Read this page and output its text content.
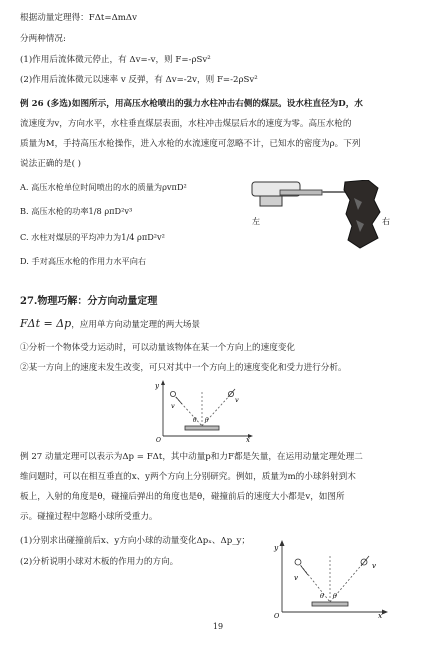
根据动量定理得：FΔt=ΔmΔv
分两种情况:
(1)作用后流体微元停止，有 Δv=-v，则 F=-ρSv²
(2)作用后流体微元以速率 v 反弹，有 Δv=-2v，则 F=-2ρSv²
例 26 (多选)如图所示，用高压水枪喷出的强力水柱冲击右侧的煤层。设水柱直径为D，水
流速度为v，方向水平，水柱垂直煤层表面，水柱冲击煤层后水的速度为零。高压水枪的
质量为M，手持高压水枪操作，进入水枪的水流速度可忽略不计，已知水的密度为ρ。下列
说法正确的是( )
A. 高压水枪单位时间喷出的水的质量为ρvπD²
B. 高压水枪的功率1/8 ρπD²v³
C. 水柱对煤层的平均冲力为1/4 ρπD²v²
D. 手对高压水枪的作用力水平向右
左	右
27.物理巧解：分方向动量定理
FΔt = Δp，应用单方向动量定理的两大场景
①分析一个物体受力运动时，可以动量该物体在某一个方向上的速度变化
②某一方向上的速度未发生改变，可只对其中一个方向上的速度变化和受力进行分析。
y
x
O
v
v
θ θ
例 27 动量定理可以表示为Δp = FΔt，其中动量p和力F都是矢量，在运用动量定理处理二
维问题时，可以在相互垂直的x、y两个方向上分别研究。例如，质量为m的小球斜射到木
板上，入射的角度是θ，碰撞后弹出的角度也是θ，碰撞前后的速度大小都是v，如图所
示。碰撞过程中忽略小球所受重力。
(1)分别求出碰撞前后x、y方向小球的动量变化Δpₓ、Δp_y；
(2)分析说明小球对木板的作用力的方向。
y
x
O
v
v
θ θ
19
